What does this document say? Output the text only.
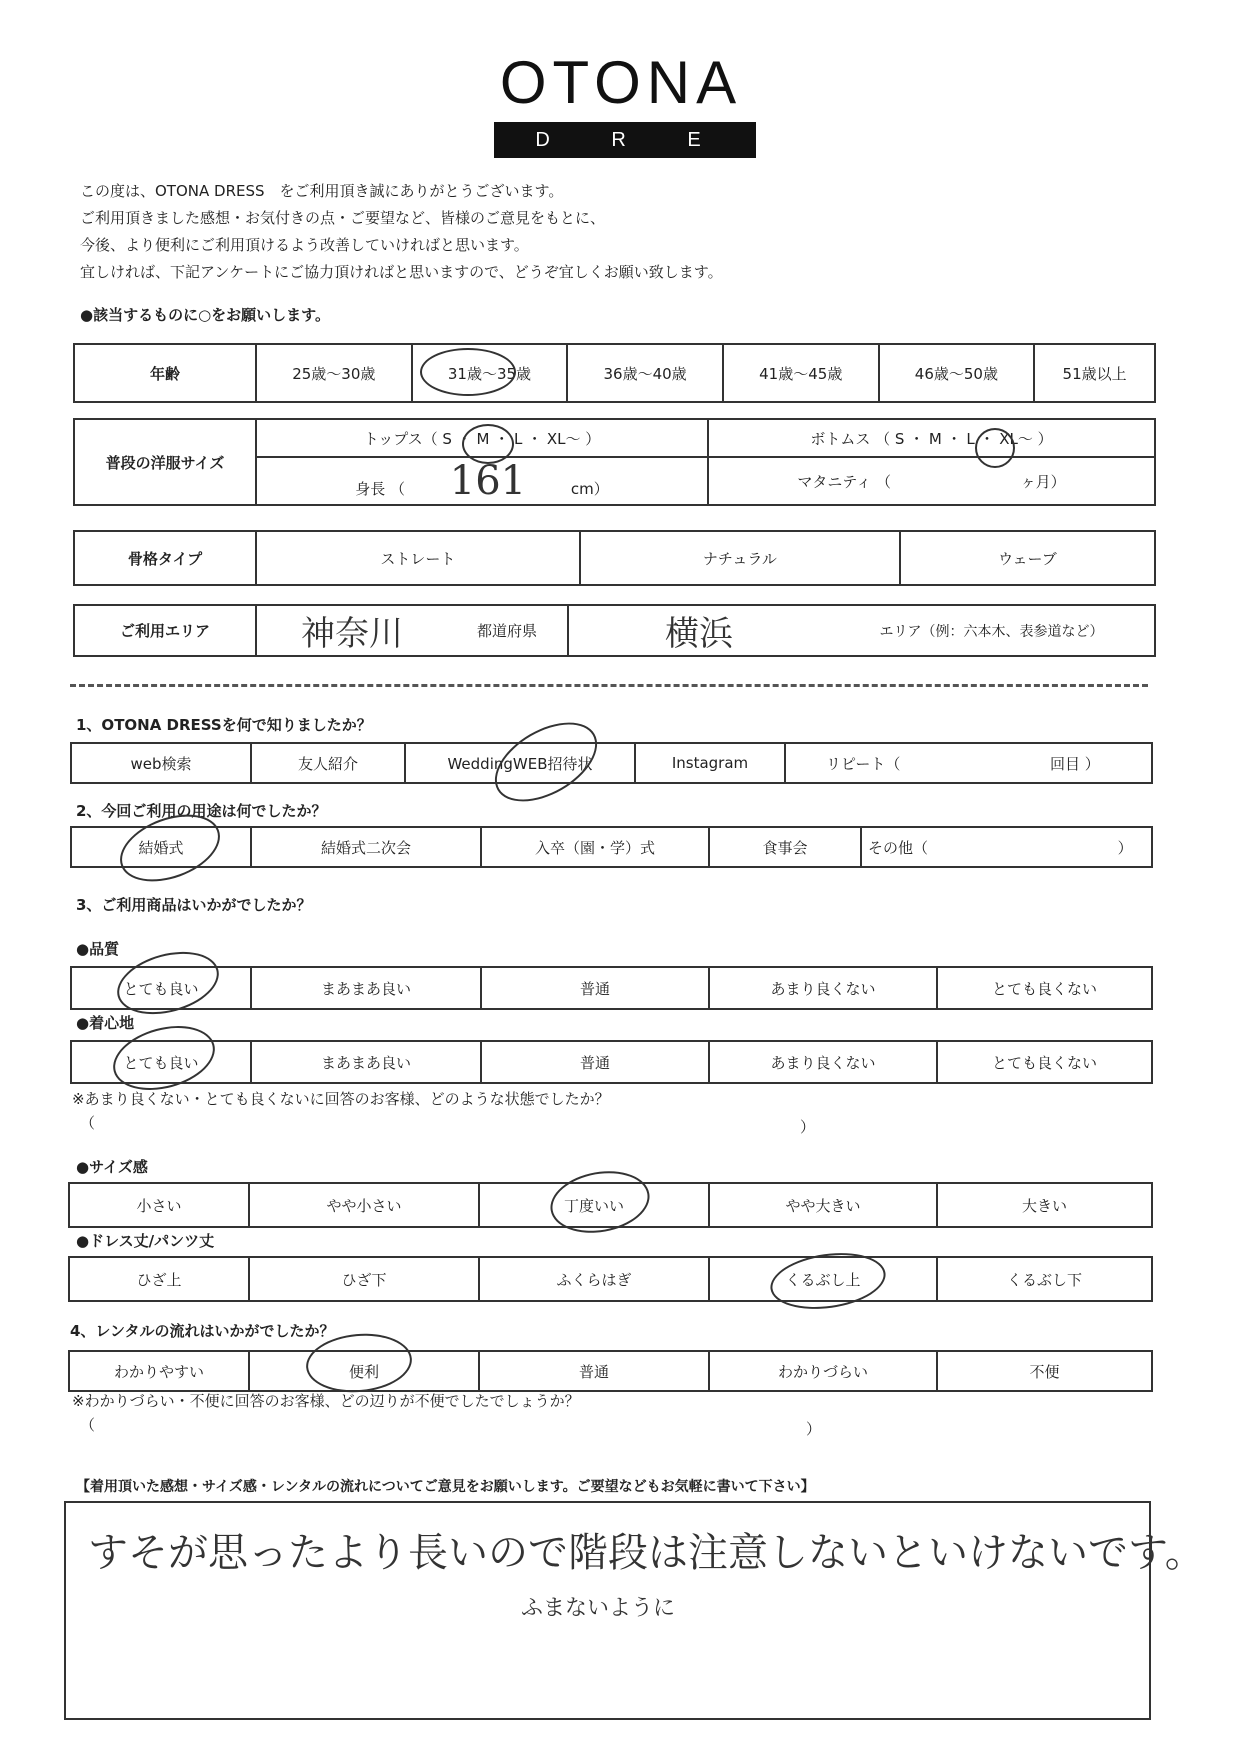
OTONA
D R E S S
この度は、OTONA DRESS　をご利用頂き誠にありがとうございます。
ご利用頂きました感想・お気付きの点・ご要望など、皆様のご意見をもとに、
今後、より便利にご利用頂けるよう改善していければと思います。
宜しければ、下記アンケートにご協力頂ければと思いますので、どうぞ宜しくお願い致します。
●該当するものに○をお願いします。
年齢	25歳～30歳	31歳～35歳	36歳～40歳	41歳～45歳	46歳～50歳	51歳以上
普段の洋服サイズ	トップス（ S ・ M ・ L ・ XL～ ）	ボトムス （ S ・ M ・ L ・ XL～ ）
	身長 （ 161 cm）	マタニティ （ ヶ月）
骨格タイプ	ストレート	ナチュラル	ウェーブ
ご利用エリア	神奈川	都道府県	横浜	エリア（例：六本木、表参道など）
1、OTONA DRESSを何で知りましたか？
web検索	友人紹介	WeddingWEB招待状	Instagram	リピート（	回目 ）
2、今回ご利用の用途は何でしたか？
結婚式	結婚式二次会	入卒（園・学）式	食事会	その他（	）
3、ご利用商品はいかがでしたか？
●品質
とても良い	まあまあ良い	普通	あまり良くない	とても良くない
●着心地
とても良い	まあまあ良い	普通	あまり良くない	とても良くない
※あまり良くない・とても良くないに回答のお客様、どのような状態でしたか？
（	）
●サイズ感
小さい	やや小さい	丁度いい	やや大きい	大きい
●ドレス丈/パンツ丈
ひざ上	ひざ下	ふくらはぎ	くるぶし上	くるぶし下
4、レンタルの流れはいかがでしたか？
わかりやすい	便利	普通	わかりづらい	不便
※わかりづらい・不便に回答のお客様、どの辺りが不便でしたでしょうか？
（	）
【着用頂いた感想・サイズ感・レンタルの流れについてご意見をお願いします。ご要望などもお気軽に書いて下さい】
すそが思ったより長いので階段は注意しないといけないです。
ふまないように
